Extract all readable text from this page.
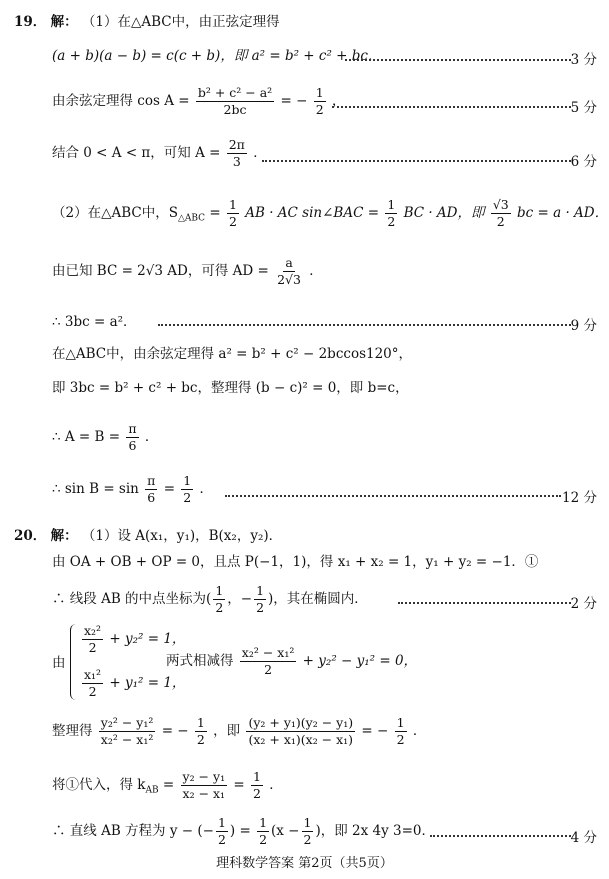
19． 解： （1）在△ABC中，由正弦定理得
(a + b)(a − b) = c(c + b)，即 a² = b² + c² + bc．	3 分
由余弦定理得 $\cos A = \frac{\text{b² + c² − a²}}{2bc}$ = − $\frac{1}{2}$ ，	5 分
结合 0 < A < π，可知 $A = \frac{2\pi}{3}$ ．
6 分
（2）在△ABC中，$S_{\triangle ABC} = \frac{1}{2}$ AB · AC sin∠BAC = $\frac{1}{2}$ BC · AD，即 $\frac{√3}{2}$ bc = a · AD．
由已知 BC = 2√3 AD，可得 AD = $\frac{a}{2√3}$ ．
∴ 3bc = a²．	9 分
在△ABC中，由余弦定理得 a² = b² + c² − 2bccos120°，
即 3bc = b² + c² + bc，整理得 (b − c)² = 0，即 b=c，
∴ $A = B = \frac{\pi}{6}$ ．
∴ $\sin B = \sin \frac{\pi}{6} = \frac{1}{2}$ ．
12 分
20． 解： （1）设 A(x₁，y₁)，B(x₂，y₂)．
由 OA + OB + OP = 0，且点 P(−1，1)，得 x₁ + x₂ = 1，y₁ + y₂ = −1．①
∴ 线段 AB 的中点坐标为( $\frac{1}{2}$ ，− $\frac{1}{2}$ )，其在椭圆内．	2 分
由
$\frac{\text{x₂²}}{2} + y_2^2 = 1$，
$\frac{\text{x₁²}}{2} + y_1^2 = 1$，
两式相减得 $\frac{\text{x₂² − x₁²}}{2} + y_2^2 - y_1^2 = 0$，
整理得 $\frac{\text{y₂² − y₁²}}{\text{x₂² − x₁²}}$ = − $\frac{1}{2}$ ，即 $\frac{\text{(y₂ + y₁)(y₂ − y₁)}}{\text{(x₂ + x₁)(x₂ − x₁)}}$ = − $\frac{1}{2}$ ．
将①代入，得 $k_{AB} = \frac{\text{y₂ − y₁}}{\text{x₂ − x₁}} = \frac{1}{2}$ ．
∴ 直线 AB 方程为 y − (− $\frac{1}{2}$ ) = $\frac{1}{2} (x - \frac{1}{2}$ )，即 2x 4y 3=0．	4 分
理科数学答案 第2页（共5页）
